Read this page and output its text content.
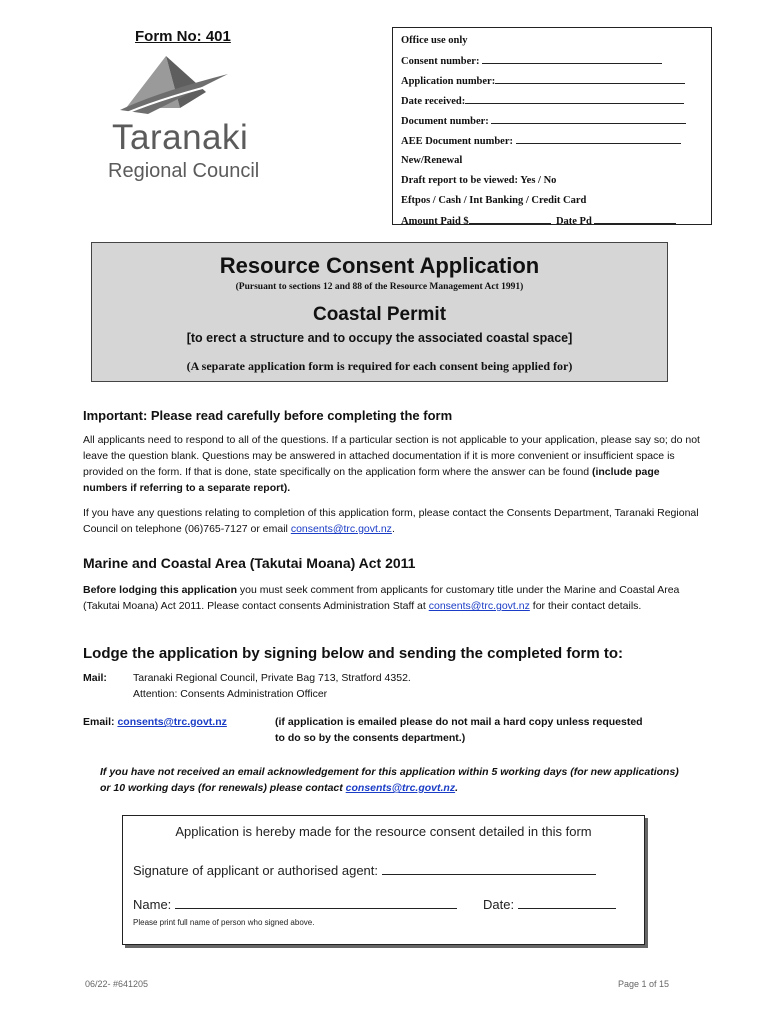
Form No: 401
Taranaki
Regional Council
Office use only
Consent number:
Application number:
Date received:
Document number:
AEE Document number:
New/Renewal
Draft report to be viewed: Yes / No
Eftpos / Cash / Int Banking / Credit Card
Amount Paid $	Date Pd
Resource Consent Application
(Pursuant to sections 12 and 88 of the Resource Management Act 1991)
Coastal Permit
[to erect a structure and to occupy the associated coastal space]
(A separate application form is required for each consent being applied for)
Important: Please read carefully before completing the form
All applicants need to respond to all of the questions. If a particular section is not applicable to your application, please say so; do not leave the question blank. Questions may be answered in attached documentation if it is more convenient or insufficient space is provided on the form. If that is done, state specifically on the application form where the answer can be found (include page numbers if referring to a separate report).
If you have any questions relating to completion of this application form, please contact the Consents Department, Taranaki Regional Council on telephone (06)765-7127 or email consents@trc.govt.nz.
Marine and Coastal Area (Takutai Moana) Act 2011
Before lodging this application you must seek comment from applicants for customary title under the Marine and Coastal Area (Takutai Moana) Act 2011. Please contact consents Administration Staff at consents@trc.govt.nz for their contact details.
Lodge the application by signing below and sending the completed form to:
Mail: Taranaki Regional Council, Private Bag 713, Stratford 4352.
Attention: Consents Administration Officer
Email: consents@trc.govt.nz	(if application is emailed please do not mail a hard copy unless requested to do so by the consents department.)
If you have not received an email acknowledgement for this application within 5 working days (for new applications) or 10 working days (for renewals) please contact consents@trc.govt.nz.
Application is hereby made for the resource consent detailed in this form
Signature of applicant or authorised agent:
Name:	Date:
Please print full name of person who signed above.
06/22- #641205	Page 1 of 15
